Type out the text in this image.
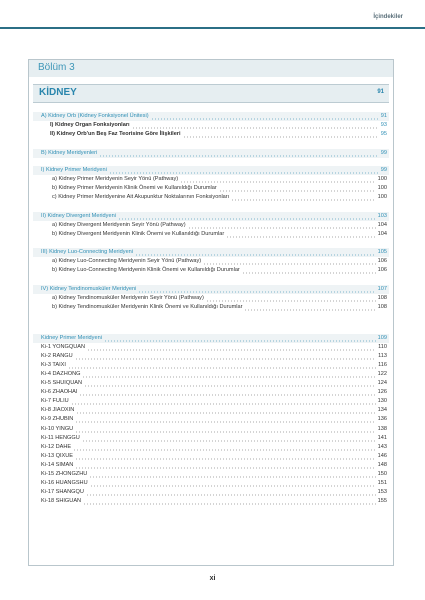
İçindekiler
Bölüm 3
KİDNEY	91
A) Kidney Orb (Kidney Fonksiyonel Ünitesi)	91
I) Kidney Organ Fonksiyonları	93
II) Kidney Orb'un Beş Faz Teorisine Göre İlişkileri	95
B) Kidney Meridyenleri	99
I) Kidney Primer Meridyeni	99
a) Kidney Primer Meridyenin Seyir Yönü (Pathway)	100
b) Kidney Primer Meridyenin Klinik Önemi ve Kullanıldığı Durumlar	100
c) Kidney Primer Meridyenine Ait Akupunktur Noktalarının Fonksiyonları	100
II) Kidney Divergent Meridyeni	103
a) Kidney Divergent Meridyenin Seyir Yönü (Pathway)	104
b) Kidney Divergent Meridyenin Klinik Önemi ve Kullanıldığı Durumlar	104
III) Kidney Luo-Connecting Meridyeni	105
a) Kidney Luo-Connecting Meridyenin Seyir Yönü (Pathway)	106
b) Kidney Luo-Connecting Meridyenin Klinik Önemi ve Kullanıldığı Durumlar	106
IV) Kidney Tendinomusküler Meridyeni	107
a) Kidney Tendinomusküler Meridyenin Seyir Yönü (Pathway)	108
b) Kidney Tendinomusküler Meridyenin Klinik Önemi ve Kullanıldığı Durumlar	108
Kidney Primer Meridyeni	109
Ki-1 YONGQUAN	110
Ki-2 RANGU	113
Ki-3 TAIXI	116
Ki-4 DAZHONG	122
Ki-5 SHUIQUAN	124
Ki-6 ZHAOHAI	126
Ki-7 FULIU	130
Ki-8 JIAOXIN	134
Ki-9 ZHUBIN	136
Ki-10 YINGU	138
Ki-11 HENGGU	141
Ki-12 DAHE	143
Ki-13 QIXUE	146
Ki-14 SIMAN	148
Ki-15 ZHONGZHU	150
Ki-16 HUANGSHU	151
Ki-17 SHANGQU	153
Ki-18 SHIGUAN	155
xi
